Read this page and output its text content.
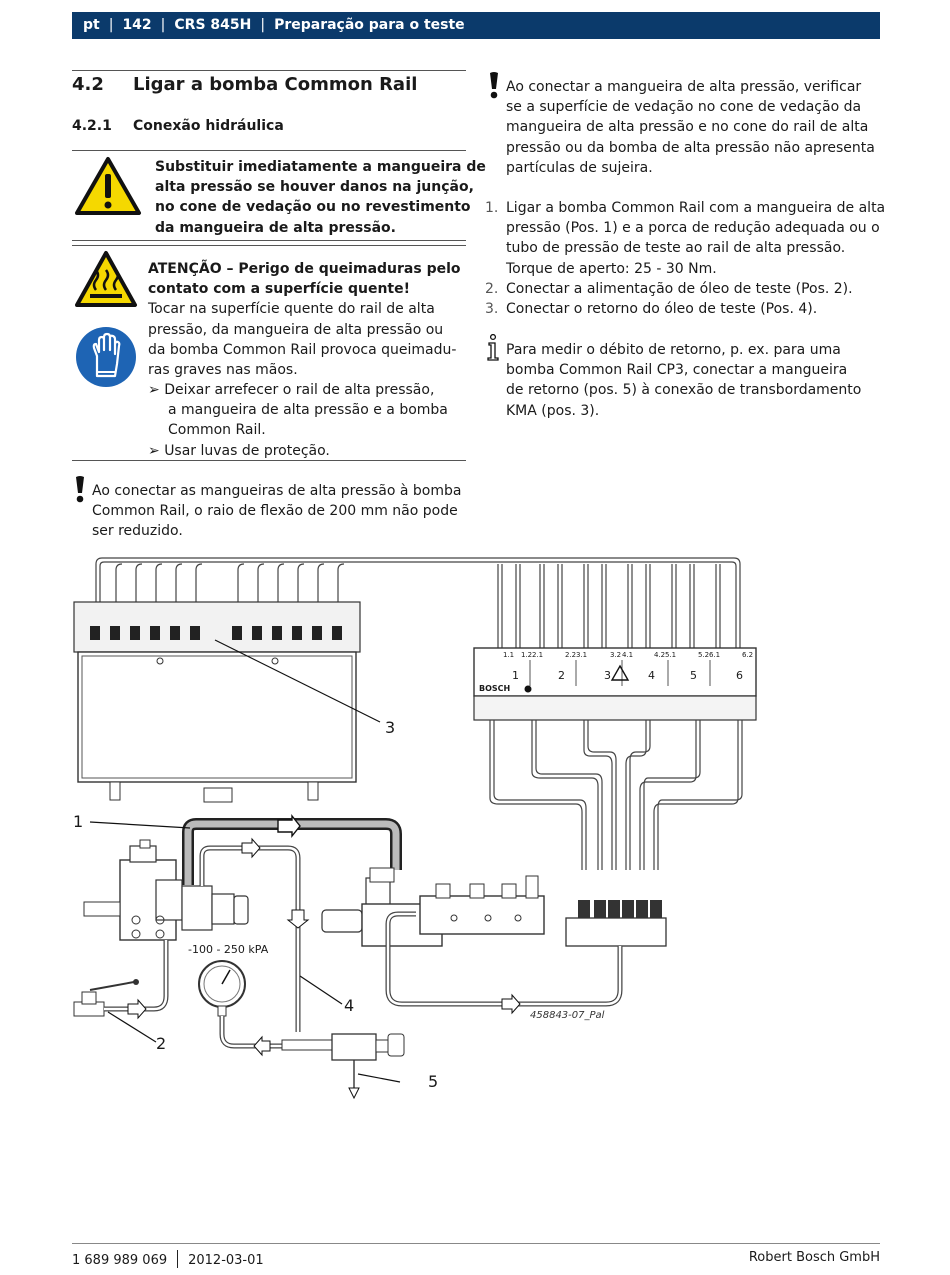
pt | 142 | CRS 845H | Preparação para o teste
4.2 Ligar a bomba Common Rail
4.2.1 Conexão hidráulica
Substituir imediatamente a mangueira de
alta pressão se houver danos na junção,
no cone de vedação ou no revestimento
da mangueira de alta pressão.
ATENÇÃO – Perigo de queimaduras pelo
contato com a superfície quente!
Tocar na superfície quente do rail de alta
pressão, da mangueira de alta pressão ou
da bomba Common Rail provoca queimadu-
ras graves nas mãos.
➢ Deixar arrefecer o rail de alta pressão,
a mangueira de alta pressão e a bomba
Common Rail.
➢ Usar luvas de proteção.
Ao conectar as mangueiras de alta pressão à bomba
Common Rail, o raio de flexão de 200 mm não pode
ser reduzido.
Ao conectar a mangueira de alta pressão, verificar
se a superfície de vedação no cone de vedação da
mangueira de alta pressão e no cone do rail de alta
pressão ou da bomba de alta pressão não apresenta
partículas de sujeira.
1. Ligar a bomba Common Rail com a mangueira de alta
pressão (Pos. 1) e a porca de redução adequada ou o
tubo de pressão de teste ao rail de alta pressão.
Torque de aperto: 25 - 30 Nm.
2. Conectar a alimentação de óleo de teste (Pos. 2).
3. Conectar o retorno do óleo de teste (Pos. 4).
Para medir o débito de retorno, p. ex. para uma
bomba Common Rail CP3, conectar a mangueira
de retorno (pos. 5) à conexão de transbordamento
KMA (pos. 3).
1
2
3
4
5
-100 - 250 kPA
458843-07_Pal
BOSCH
1	2	3	4	5	6
1.1 1.2 2.1	2.2 3.1	3.2 4.1	4.2 5.1	5.2 6.1	6.2
1 689 989 069 2012-03-01	Robert Bosch GmbH
